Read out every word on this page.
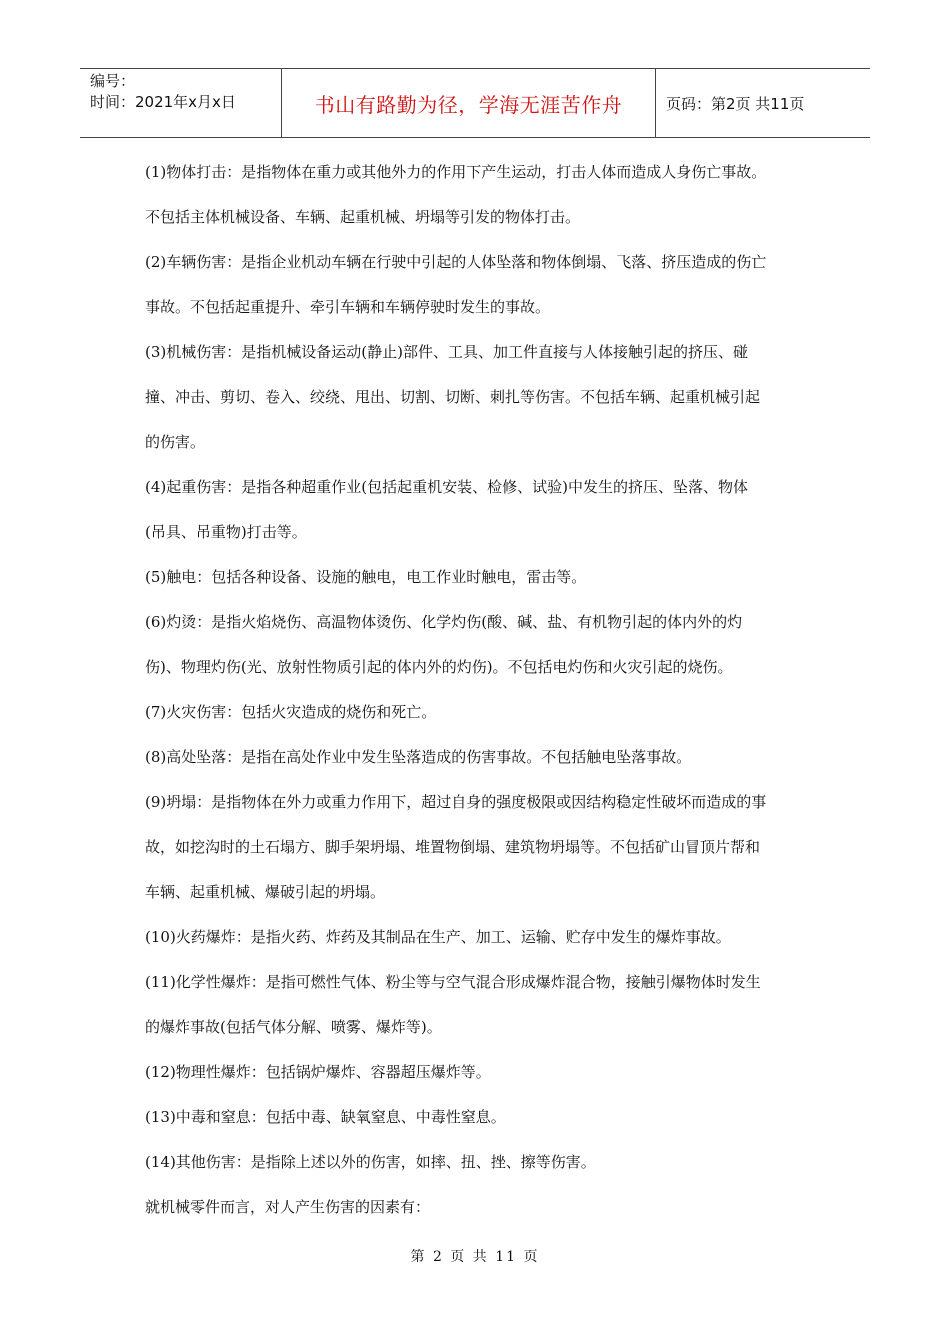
编号：
时间：2021年x月x日	书山有路勤为径，学海无涯苦作舟	页码：第2页 共11页
(1)物体打击：是指物体在重力或其他外力的作用下产生运动，打击人体而造成人身伤亡事故。
不包括主体机械设备、车辆、起重机械、坍塌等引发的物体打击。
(2)车辆伤害：是指企业机动车辆在行驶中引起的人体坠落和物体倒塌、飞落、挤压造成的伤亡
事故。不包括起重提升、牵引车辆和车辆停驶时发生的事故。
(3)机械伤害：是指机械设备运动(静止)部件、工具、加工件直接与人体接触引起的挤压、碰
撞、冲击、剪切、卷入、绞绕、甩出、切割、切断、刺扎等伤害。不包括车辆、起重机械引起
的伤害。
(4)起重伤害：是指各种超重作业(包括起重机安装、检修、试验)中发生的挤压、坠落、物体
(吊具、吊重物)打击等。
(5)触电：包括各种设备、设施的触电，电工作业时触电，雷击等。
(6)灼烫：是指火焰烧伤、高温物体烫伤、化学灼伤(酸、碱、盐、有机物引起的体内外的灼
伤)、物理灼伤(光、放射性物质引起的体内外的灼伤)。不包括电灼伤和火灾引起的烧伤。
(7)火灾伤害：包括火灾造成的烧伤和死亡。
(8)高处坠落：是指在高处作业中发生坠落造成的伤害事故。不包括触电坠落事故。
(9)坍塌：是指物体在外力或重力作用下，超过自身的强度极限或因结构稳定性破坏而造成的事
故，如挖沟时的土石塌方、脚手架坍塌、堆置物倒塌、建筑物坍塌等。不包括矿山冒顶片帮和
车辆、起重机械、爆破引起的坍塌。
(10)火药爆炸：是指火药、炸药及其制品在生产、加工、运输、贮存中发生的爆炸事故。
(11)化学性爆炸：是指可燃性气体、粉尘等与空气混合形成爆炸混合物，接触引爆物体时发生
的爆炸事故(包括气体分解、喷雾、爆炸等)。
(12)物理性爆炸：包括锅炉爆炸、容器超压爆炸等。
(13)中毒和窒息：包括中毒、缺氧窒息、中毒性窒息。
(14)其他伤害：是指除上述以外的伤害，如摔、扭、挫、擦等伤害。
就机械零件而言，对人产生伤害的因素有：
第 2 页 共 11 页
